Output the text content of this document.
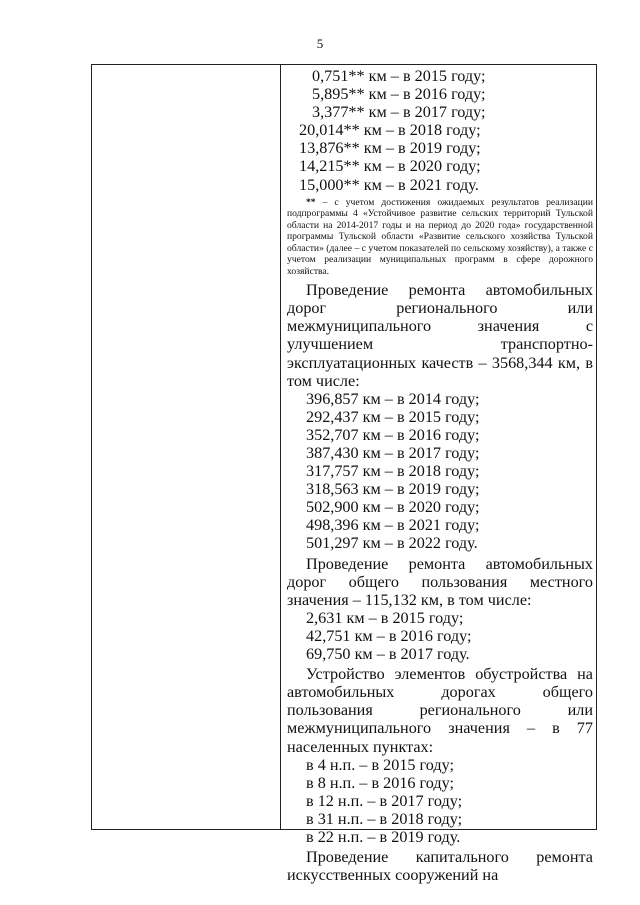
5
0,751** км – в 2015 году;
5,895** км – в 2016 году;
3,377** км – в 2017 году;
20,014** км – в 2018 году;
13,876** км – в 2019 году;
14,215** км – в 2020 году;
15,000** км – в 2021 году.

** – с учетом достижения ожидаемых результатов реализации подпрограммы 4 «Устойчивое развитие сельских территорий Тульской области на 2014-2017 годы и на период до 2020 года» государственной программы Тульской области «Развитие сельского хозяйства Тульской области» (далее – с учетом показателей по сельскому хозяйству), а также с учетом реализации муниципальных программ в сфере дорожного хозяйства.

Проведение ремонта автомобильных дорог регионального или межмуниципального значения с улучшением транспортно-эксплуатационных качеств – 3568,344 км, в том числе:

396,857 км – в 2014 году;
292,437 км – в 2015 году;
352,707 км – в 2016 году;
387,430 км – в 2017 году;
317,757 км – в 2018 году;
318,563 км – в 2019 году;
502,900 км – в 2020 году;
498,396 км – в 2021 году;
501,297 км – в 2022 году.

Проведение ремонта автомобильных дорог общего пользования местного значения – 115,132 км, в том числе:

2,631 км – в 2015 году;
42,751 км – в 2016 году;
69,750 км – в 2017 году.

Устройство элементов обустройства на автомобильных дорогах общего пользования регионального или межмуниципального значения – в 77 населенных пунктах:

в 4 н.п. – в 2015 году;
в 8 н.п. – в 2016 году;
в 12 н.п. – в 2017 году;
в 31 н.п. – в 2018 году;
в 22 н.п. – в 2019 году.

Проведение капитального ремонта искусственных сооружений на
